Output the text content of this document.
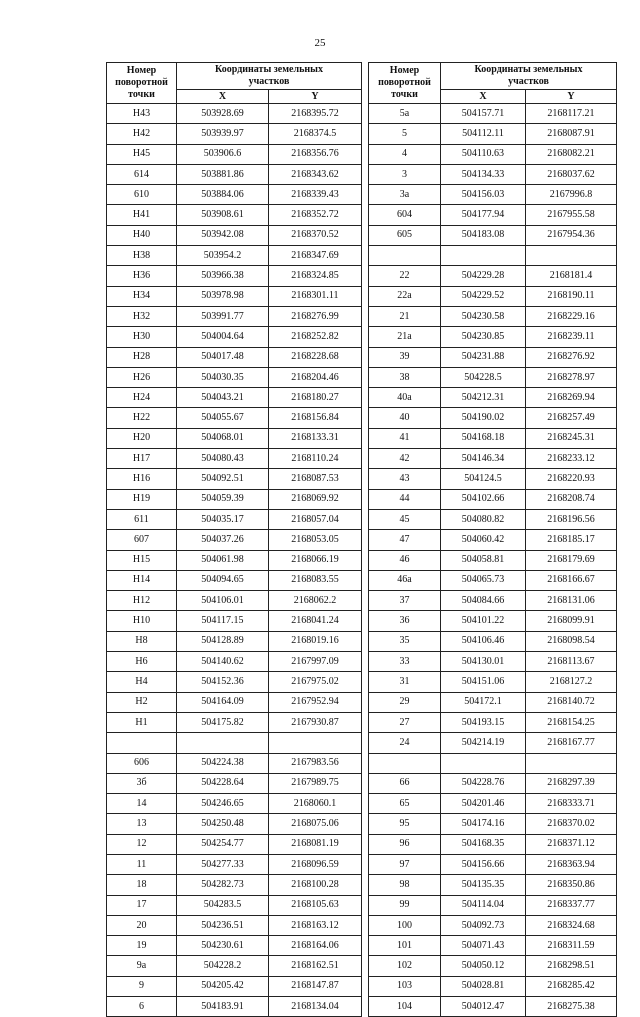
25
Номер
поворотной
точки	Координаты земельных
участков	
	X	Y
Н43	503928.69	2168395.72
Н42	503939.97	2168374.5
Н45	503906.6	2168356.76
614	503881.86	2168343.62
610	503884.06	2168339.43
Н41	503908.61	2168352.72
Н40	503942.08	2168370.52
Н38	503954.2	2168347.69
Н36	503966.38	2168324.85
Н34	503978.98	2168301.11
Н32	503991.77	2168276.99
Н30	504004.64	2168252.82
Н28	504017.48	2168228.68
Н26	504030.35	2168204.46
Н24	504043.21	2168180.27
Н22	504055.67	2168156.84
Н20	504068.01	2168133.31
Н17	504080.43	2168110.24
Н16	504092.51	2168087.53
Н19	504059.39	2168069.92
611	504035.17	2168057.04
607	504037.26	2168053.05
Н15	504061.98	2168066.19
Н14	504094.65	2168083.55
Н12	504106.01	2168062.2
Н10	504117.15	2168041.24
Н8	504128.89	2168019.16
Н6	504140.62	2167997.09
Н4	504152.36	2167975.02
Н2	504164.09	2167952.94
Н1	504175.82	2167930.87

606	504224.38	2167983.56
3б	504228.64	2167989.75
14	504246.65	2168060.1
13	504250.48	2168075.06
12	504254.77	2168081.19
11	504277.33	2168096.59
18	504282.73	2168100.28
17	504283.5	2168105.63
20	504236.51	2168163.12
19	504230.61	2168164.06
9а	504228.2	2168162.51
9	504205.42	2168147.87
6	504183.91	2168134.04
Номер
поворотной
точки	Координаты земельных
участков	
	X	Y
5а	504157.71	2168117.21
5	504112.11	2168087.91
4	504110.63	2168082.21
3	504134.33	2168037.62
3а	504156.03	2167996.8
604	504177.94	2167955.58
605	504183.08	2167954.36

22	504229.28	2168181.4
22а	504229.52	2168190.11
21	504230.58	2168229.16
21а	504230.85	2168239.11
39	504231.88	2168276.92
38	504228.5	2168278.97
40а	504212.31	2168269.94
40	504190.02	2168257.49
41	504168.18	2168245.31
42	504146.34	2168233.12
43	504124.5	2168220.93
44	504102.66	2168208.74
45	504080.82	2168196.56
47	504060.42	2168185.17
46	504058.81	2168179.69
46а	504065.73	2168166.67
37	504084.66	2168131.06
36	504101.22	2168099.91
35	504106.46	2168098.54
33	504130.01	2168113.67
31	504151.06	2168127.2
29	504172.1	2168140.72
27	504193.15	2168154.25
24	504214.19	2168167.77

66	504228.76	2168297.39
65	504201.46	2168333.71
95	504174.16	2168370.02
96	504168.35	2168371.12
97	504156.66	2168363.94
98	504135.35	2168350.86
99	504114.04	2168337.77
100	504092.73	2168324.68
101	504071.43	2168311.59
102	504050.12	2168298.51
103	504028.81	2168285.42
104	504012.47	2168275.38
